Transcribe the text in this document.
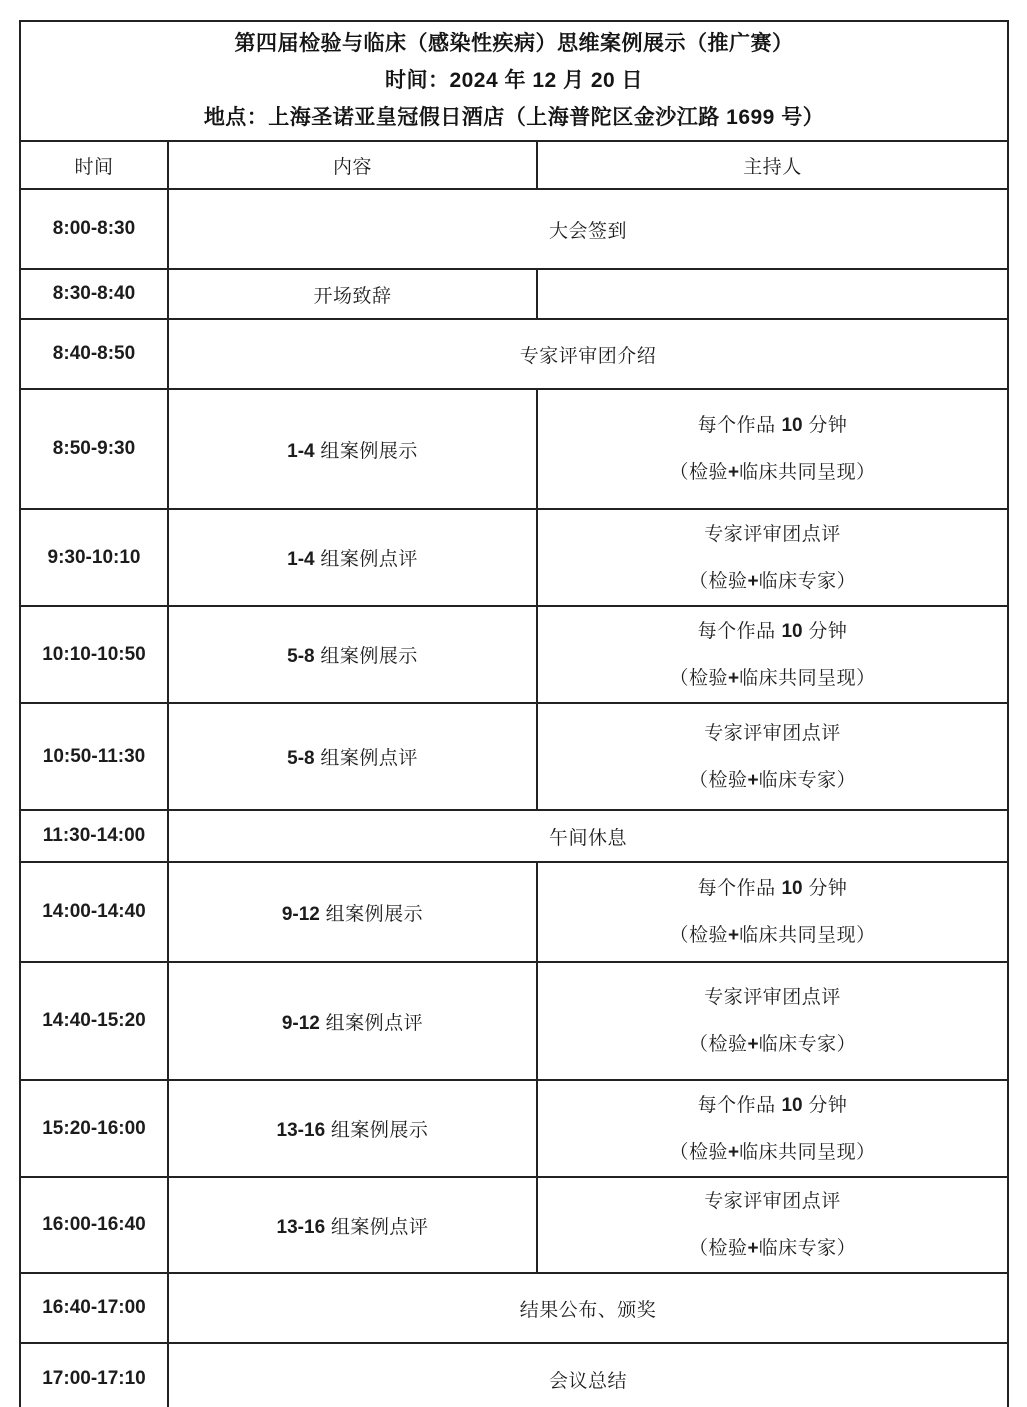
第四届检验与临床（感染性疾病）思维案例展示（推广赛）
时间：2024 年 12 月 20 日
地点：上海圣诺亚皇冠假日酒店（上海普陀区金沙江路 1699 号）		

时间	内容	主持人
8:00-8:30	大会签到	
8:30-8:40	开场致辞	
8:40-8:50	专家评审团介绍	
8:50-9:30	1-4 组案例展示	每个作品 10 分钟
（检验+临床共同呈现）

9:30-10:10	1-4 组案例点评	专家评审团点评
（检验+临床专家）

10:10-10:50	5-8 组案例展示	每个作品 10 分钟
（检验+临床共同呈现）

10:50-11:30	5-8 组案例点评	专家评审团点评
（检验+临床专家）

11:30-14:00	午间休息	
14:00-14:40	9-12 组案例展示	每个作品 10 分钟
（检验+临床共同呈现）

14:40-15:20	9-12 组案例点评	专家评审团点评
（检验+临床专家）

15:20-16:00	13-16 组案例展示	每个作品 10 分钟
（检验+临床共同呈现）

16:00-16:40	13-16 组案例点评	专家评审团点评
（检验+临床专家）

16:40-17:00	结果公布、颁奖	
17:00-17:10	会议总结	
